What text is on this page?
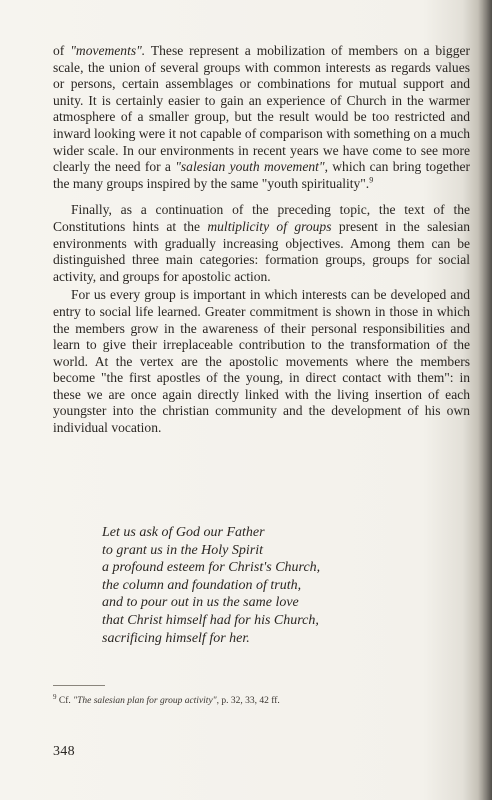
of "movements". These represent a mobilization of members on a bigger scale, the union of several groups with common interests as regards values or persons, certain assemblages or combinations for mutual support and unity. It is certainly easier to gain an experience of Church in the warmer atmosphere of a smaller group, but the result would be too restricted and inward looking were it not capable of comparison with something on a much wider scale. In our environments in recent years we have come to see more clearly the need for a "salesian youth movement", which can bring together the many groups inspired by the same "youth spirituality".$^9$

Finally, as a continuation of the preceding topic, the text of the Constitutions hints at the multiplicity of groups present in the salesian environments with gradually increasing objectives. Among them can be distinguished three main categories: formation groups, groups for social activity, and groups for apostolic action.

For us every group is important in which interests can be developed and entry to social life learned. Greater commitment is shown in those in which the members grow in the awareness of their personal responsibilities and learn to give their irreplaceable contribution to the transformation of the world. At the vertex are the apostolic movements where the members become "the first apostles of the young, in direct contact with them": in these we are once again directly linked with the living insertion of each youngster into the christian community and the development of his own individual vocation.

Let us ask of God our Father
to grant us in the Holy Spirit
a profound esteem for Christ's Church,
the column and foundation of truth,
and to pour out in us the same love
that Christ himself had for his Church,
sacrificing himself for her.
$^9$ Cf. "The salesian plan for group activity", p. 32, 33, 42 ff.
348
